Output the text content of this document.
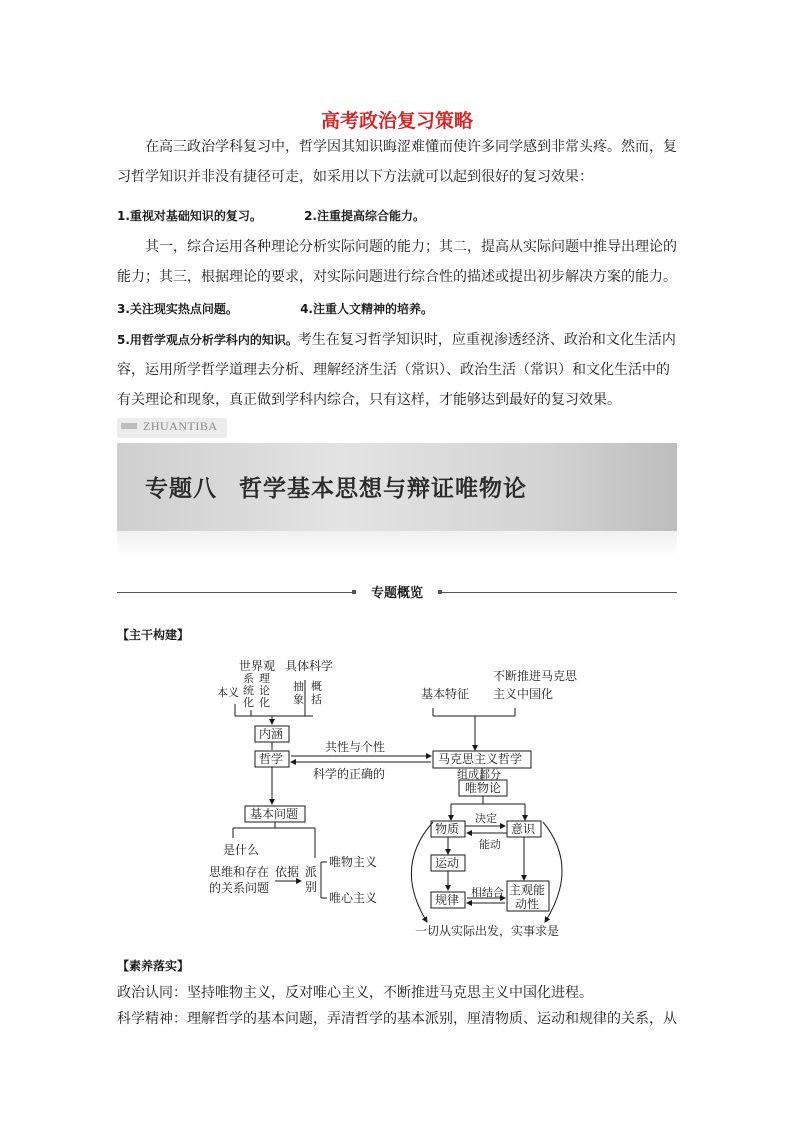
高考政治复习策略
在高三政治学科复习中，哲学因其知识晦涩难懂而使许多同学感到非常头疼。然而，复习哲学知识并非没有捷径可走，如采用以下方法就可以起到很好的复习效果：
1.重视对基础知识的复习。	2.注重提高综合能力。
其一，综合运用各种理论分析实际问题的能力；其二，提高从实际问题中推导出理论的能力；其三，根据理论的要求，对实际问题进行综合性的描述或提出初步解决方案的能力。
3.关注现实热点问题。	4.注重人文精神的培养。
5.用哲学观点分析学科内的知识。考生在复习哲学知识时，应重视渗透经济、政治和文化生活内容，运用所学哲学道理去分析、理解经济生活（常识）、政治生活（常识）和文化生活中的有关理论和现象，真正做到学科内综合，只有这样，才能够达到最好的复习效果。
ZHUANTIBA
专题八 哲学基本思想与辩证唯物论
专题概览
【主干构建】
世界观 具体科学
本义
系统化
理论化
抽象
概括
内涵
哲学
共性与个性
科学的正确的
基本特征
不断推进马克思
主义中国化
马克思主义哲学
组成部分
唯物论
基本问题
是什么
思维和存在
的关系问题
依据 派
别
唯物主义
唯心主义
物质	意识
决定
能动
运动
规律
主观能
动性
相结合
一切从实际出发，实事求是
【素养落实】
政治认同：坚持唯物主义，反对唯心主义，不断推进马克思主义中国化进程。
科学精神：理解哲学的基本问题，弄清哲学的基本派别，厘清物质、运动和规律的关系，从
